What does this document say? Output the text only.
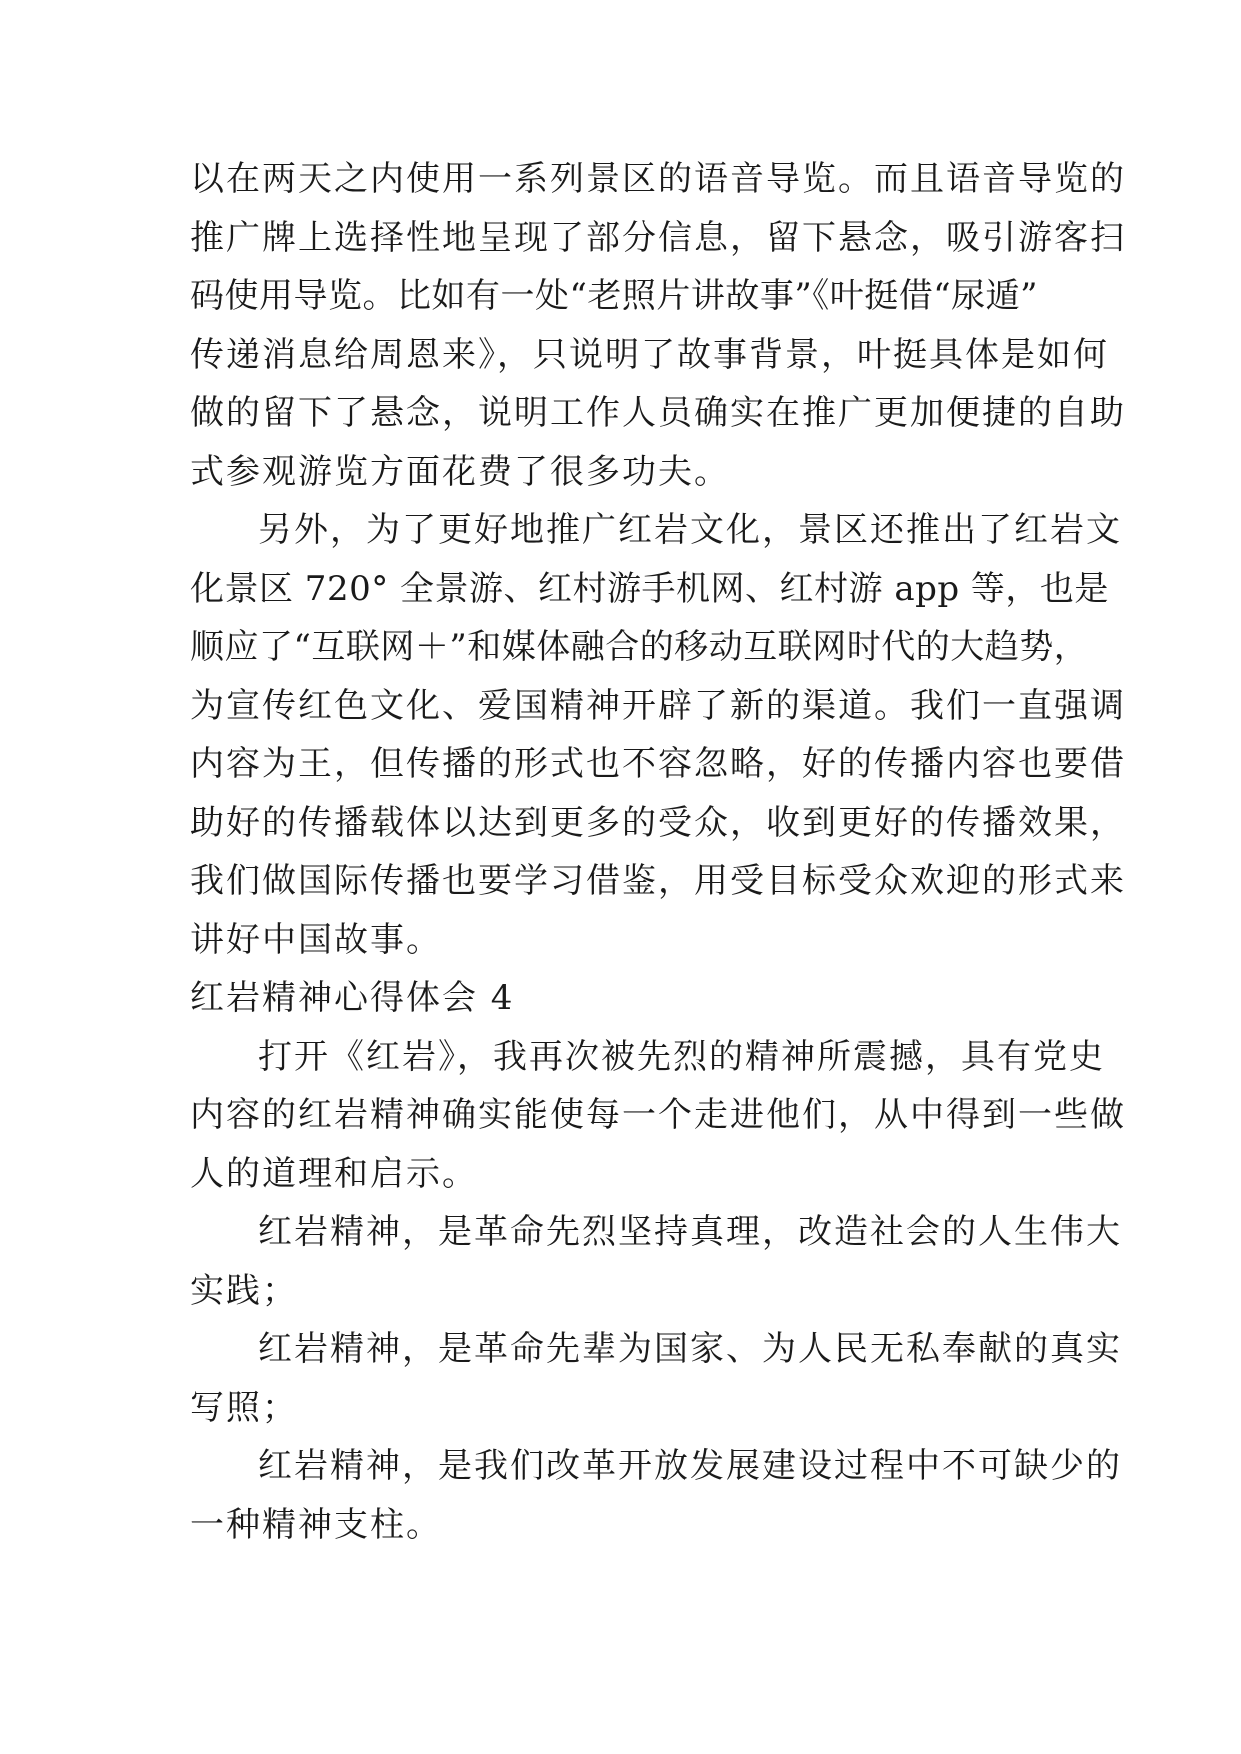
以在两天之内使用一系列景区的语音导览。而且语音导览的
推广牌上选择性地呈现了部分信息，留下悬念，吸引游客扫
码使用导览。比如有一处“老照片讲故事”《叶挺借“尿遁”
传递消息给周恩来》，只说明了故事背景，叶挺具体是如何
做的留下了悬念，说明工作人员确实在推广更加便捷的自助
式参观游览方面花费了很多功夫。
另外，为了更好地推广红岩文化，景区还推出了红岩文
化景区 720° 全景游、红村游手机网、红村游 app 等，也是
顺应了“互联网＋”和媒体融合的移动互联网时代的大趋势，
为宣传红色文化、爱国精神开辟了新的渠道。我们一直强调
内容为王，但传播的形式也不容忽略，好的传播内容也要借
助好的传播载体以达到更多的受众，收到更好的传播效果，
我们做国际传播也要学习借鉴，用受目标受众欢迎的形式来
讲好中国故事。
红岩精神心得体会 4
打开《红岩》，我再次被先烈的精神所震撼，具有党史
内容的红岩精神确实能使每一个走进他们，从中得到一些做
人的道理和启示。
红岩精神，是革命先烈坚持真理，改造社会的人生伟大
实践；
红岩精神，是革命先辈为国家、为人民无私奉献的真实
写照；
红岩精神，是我们改革开放发展建设过程中不可缺少的
一种精神支柱。
